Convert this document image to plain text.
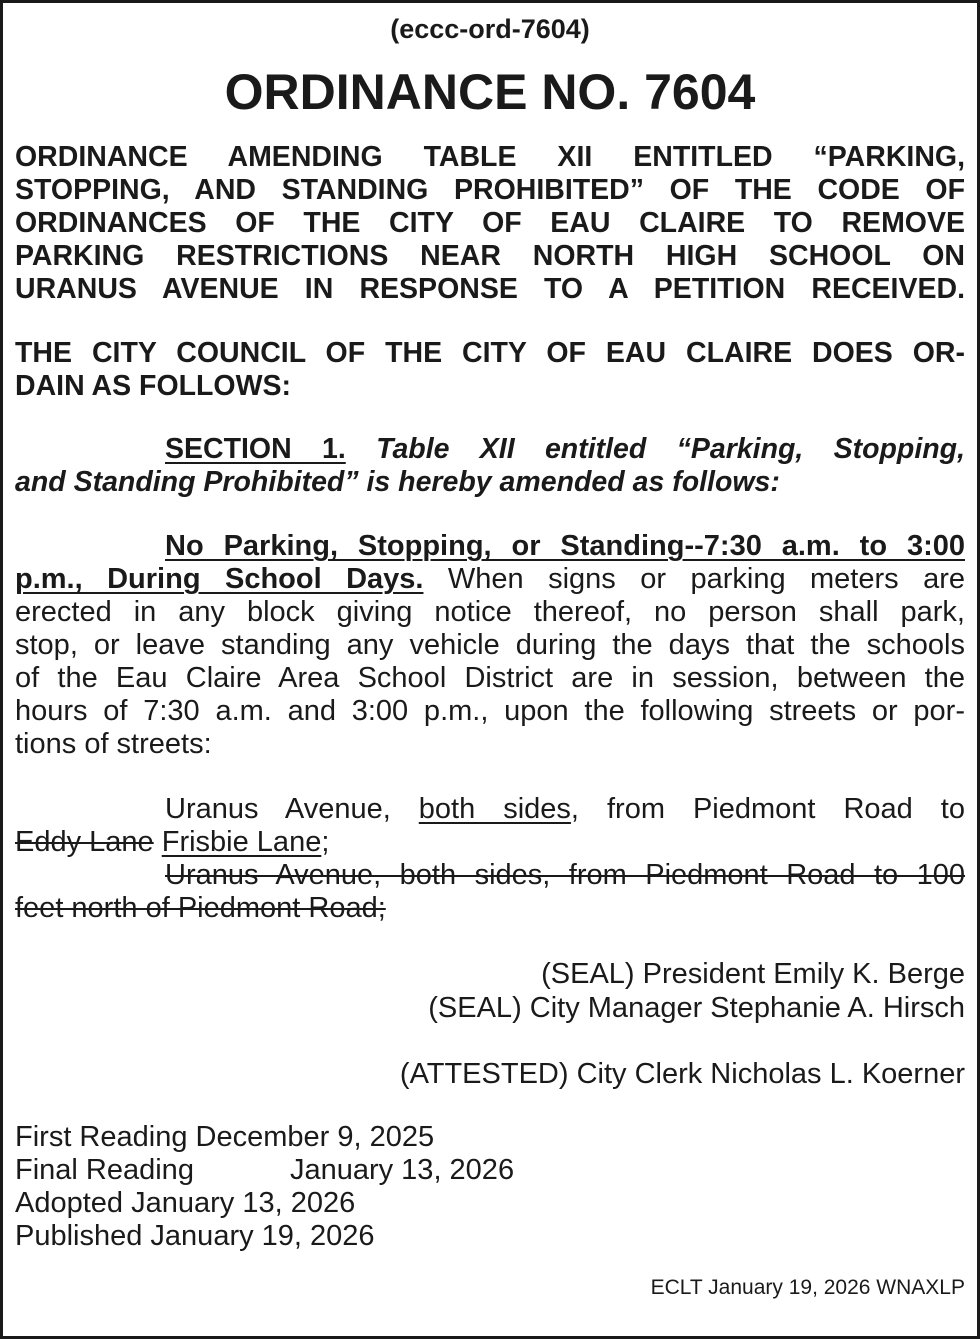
(eccc-ord-7604)
ORDINANCE NO. 7604
ORDINANCE AMENDING TABLE XII ENTITLED “PARKING,
STOPPING, AND STANDING PROHIBITED” OF THE CODE OF
ORDINANCES OF THE CITY OF EAU CLAIRE TO REMOVE
PARKING RESTRICTIONS NEAR NORTH HIGH SCHOOL ON
URANUS AVENUE IN RESPONSE TO A PETITION RECEIVED.
THE CITY COUNCIL OF THE CITY OF EAU CLAIRE DOES OR-
DAIN AS FOLLOWS:
SECTION 1. Table XII entitled “Parking, Stopping,
and Standing Prohibited” is hereby amended as follows:
No Parking, Stopping, or Standing--7:30 a.m. to 3:00
p.m., During School Days. When signs or parking meters are
erected in any block giving notice thereof, no person shall park,
stop, or leave standing any vehicle during the days that the schools
of the Eau Claire Area School District are in session, between the
hours of 7:30 a.m. and 3:00 p.m., upon the following streets or por-
tions of streets:
Uranus Avenue, both sides, from Piedmont Road to
Eddy Lane Frisbie Lane;
Uranus Avenue, both sides, from Piedmont Road to 100
feet north of Piedmont Road;
(SEAL) President Emily K. Berge
(SEAL) City Manager Stephanie A. Hirsch
(ATTESTED) City Clerk Nicholas L. Koerner
First Reading December 9, 2025
Final Reading	January 13, 2026
Adopted January 13, 2026
Published January 19, 2026
ECLT January 19, 2026 WNAXLP
